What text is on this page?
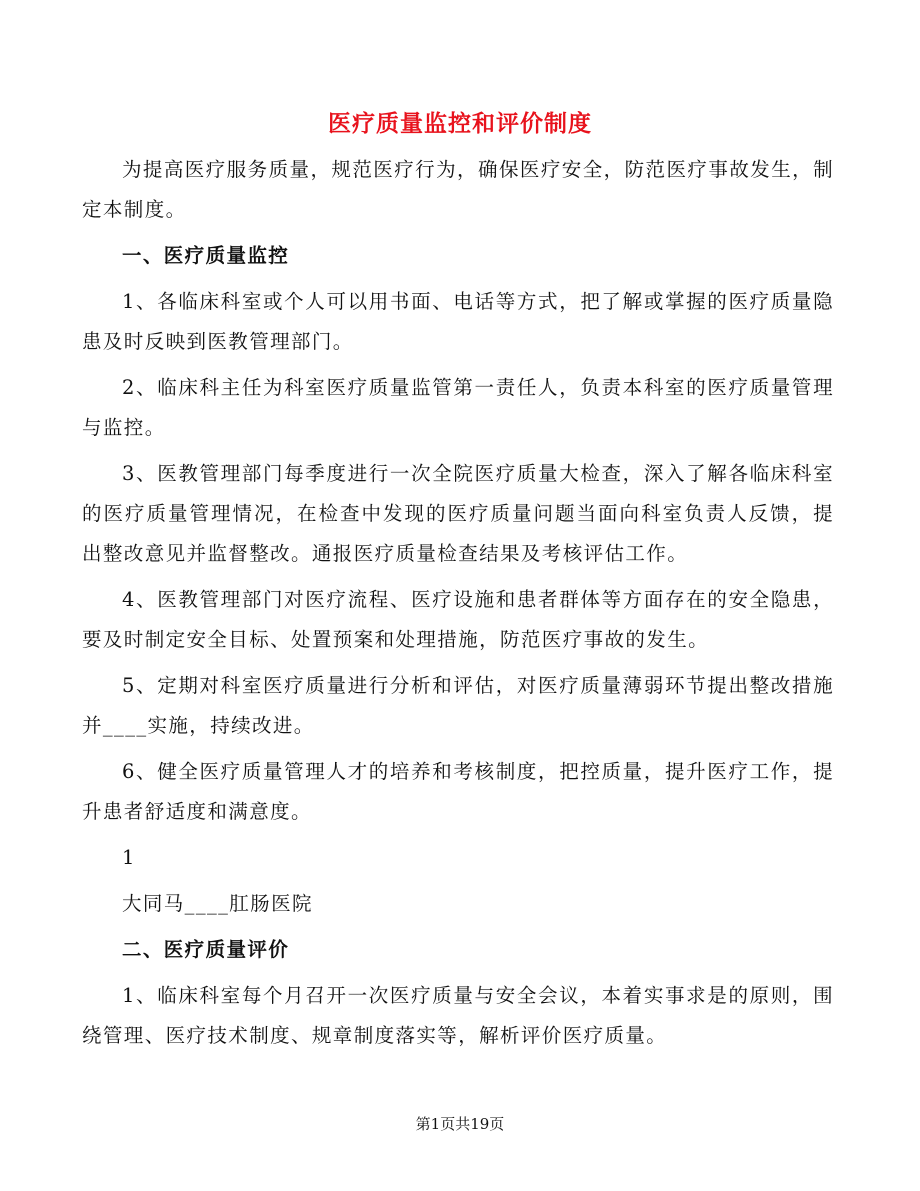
医疗质量监控和评价制度

为提高医疗服务质量，规范医疗行为，确保医疗安全，防范医疗事故发生，制定本制度。

一、医疗质量监控

1、各临床科室或个人可以用书面、电话等方式，把了解或掌握的医疗质量隐患及时反映到医教管理部门。

2、临床科主任为科室医疗质量监管第一责任人，负责本科室的医疗质量管理与监控。

3、医教管理部门每季度进行一次全院医疗质量大检查，深入了解各临床科室的医疗质量管理情况，在检查中发现的医疗质量问题当面向科室负责人反馈，提出整改意见并监督整改。通报医疗质量检查结果及考核评估工作。

4、医教管理部门对医疗流程、医疗设施和患者群体等方面存在的安全隐患，要及时制定安全目标、处置预案和处理措施，防范医疗事故的发生。

5、定期对科室医疗质量进行分析和评估，对医疗质量薄弱环节提出整改措施并____实施，持续改进。

6、健全医疗质量管理人才的培养和考核制度，把控质量，提升医疗工作，提升患者舒适度和满意度。

1

大同马____肛肠医院

二、医疗质量评价

1、临床科室每个月召开一次医疗质量与安全会议，本着实事求是的原则，围绕管理、医疗技术制度、规章制度落实等，解析评价医疗质量。

第1页共19页
